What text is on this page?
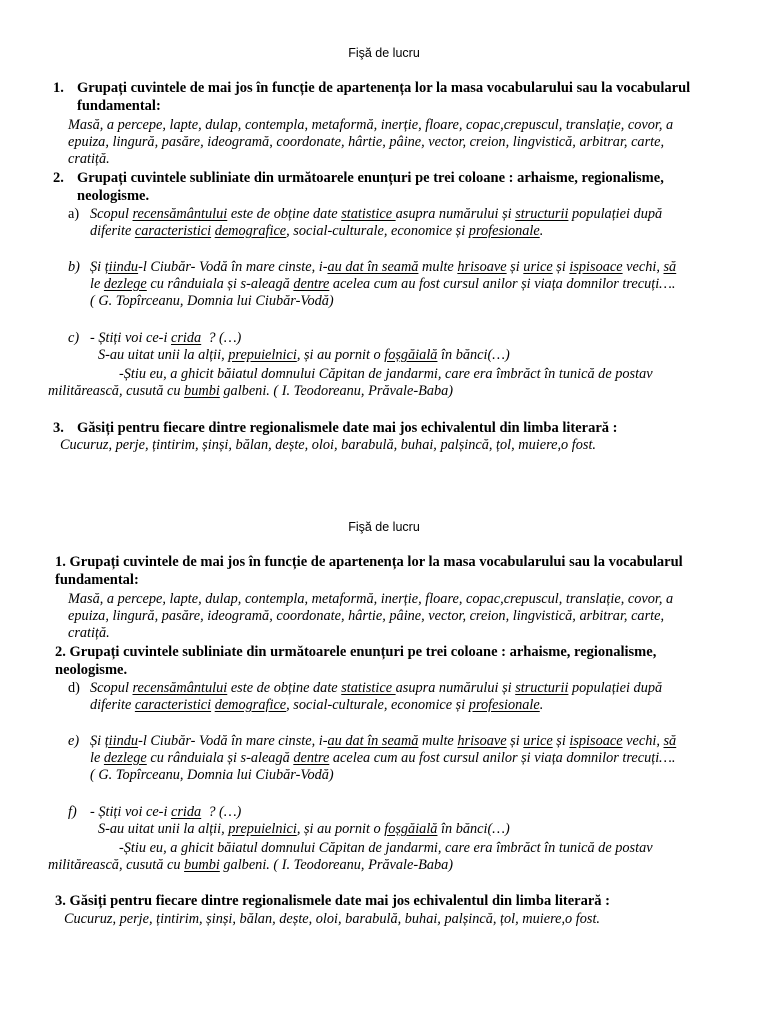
Fişă de lucru
1. Grupați cuvintele de mai jos în funcție de apartenența lor la masa vocabularului sau la vocabularul
fundamental:
Masă, a percepe, lapte, dulap, contempla, metaformă, inerție, floare, copac,crepuscul, translație, covor, a
epuiza, lingură, pasăre, ideogramă, coordonate, hârtie, pâine, vector, creion, lingvistică, arbitrar, carte,
cratiță.
2. Grupați cuvintele subliniate din următoarele enunțuri pe trei coloane : arhaisme, regionalisme,
neologisme.
a) Scopul recensământului este de obține date statistice asupra numărului și structurii populației după
diferite caracteristici demografice, social-culturale, economice și profesionale.
b) Și țiindu-l Ciubăr- Vodă în mare cinste, i-au dat în seamă multe hrisoave și urice și ispisoace vechi, să
le dezlege cu rânduiala și s-aleagă dentre acelea cum au fost cursul anilor și viața domnilor trecuți….
( G. Topîrceanu, Domnia lui Ciubăr-Vodă)
c) - Știți voi ce-i crida  ? (…)
S-au uitat unii la alții, prepuielnici, și au pornit o foșgăială în bănci(…)
-Știu eu, a ghicit băiatul domnului Căpitan de jandarmi, care era îmbrăct în tunică de postav
militărească, cusută cu bumbi galbeni. ( I. Teodoreanu, Prăvale-Baba)
3. Găsiți pentru fiecare dintre regionalismele date mai jos echivalentul din limba literară :
Cucuruz, perje, țintirim, șinși, bălan, dește, oloi, barabulă, buhai, palșincă, țol, muiere,o fost.
Fişă de lucru
1. Grupați cuvintele de mai jos în funcție de apartenența lor la masa vocabularului sau la vocabularul
fundamental:
Masă, a percepe, lapte, dulap, contempla, metaformă, inerție, floare, copac,crepuscul, translație, covor, a
epuiza, lingură, pasăre, ideogramă, coordonate, hârtie, pâine, vector, creion, lingvistică, arbitrar, carte,
cratiță.
2. Grupați cuvintele subliniate din următoarele enunțuri pe trei coloane : arhaisme, regionalisme,
neologisme.
d) Scopul recensământului este de obține date statistice asupra numărului și structurii populației după
diferite caracteristici demografice, social-culturale, economice și profesionale.
e) Și țiindu-l Ciubăr- Vodă în mare cinste, i-au dat în seamă multe hrisoave și urice și ispisoace vechi, să
le dezlege cu rânduiala și s-aleagă dentre acelea cum au fost cursul anilor și viața domnilor trecuți….
( G. Topîrceanu, Domnia lui Ciubăr-Vodă)
f) - Știți voi ce-i crida  ? (…)
S-au uitat unii la alții, prepuielnici, și au pornit o foșgăială în bănci(…)
-Știu eu, a ghicit băiatul domnului Căpitan de jandarmi, care era îmbrăct în tunică de postav
militărească, cusută cu bumbi galbeni. ( I. Teodoreanu, Prăvale-Baba)
3. Găsiți pentru fiecare dintre regionalismele date mai jos echivalentul din limba literară :
Cucuruz, perje, țintirim, șinși, bălan, dește, oloi, barabulă, buhai, palșincă, țol, muiere,o fost.
